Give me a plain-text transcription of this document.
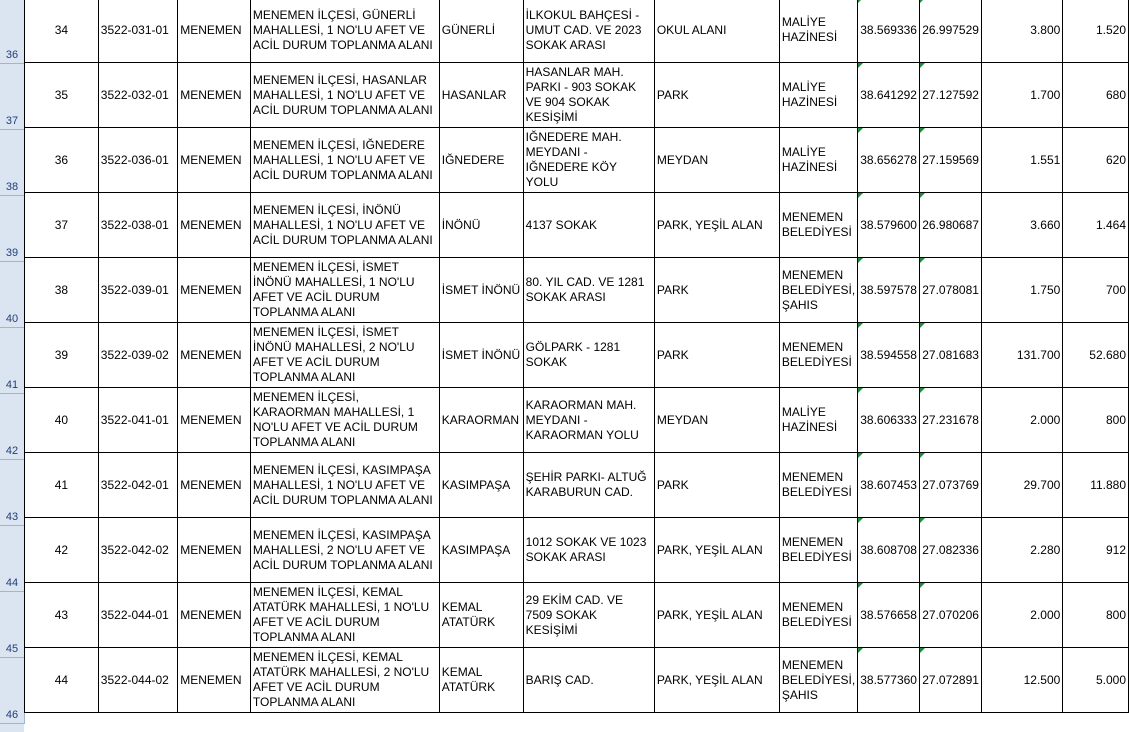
36
37
38
39
40
41
42
43
44
45
46
34	3522-031-01	MENEMEN	MENEMEN İLÇESİ, GÜNERLİ MAHALLESİ, 1 NO'LU AFET VE ACİL DURUM TOPLANMA ALANI	GÜNERLİ	İLKOKUL BAHÇESİ - UMUT CAD. VE 2023 SOKAK ARASI	OKUL ALANI	MALİYE HAZİNESİ	38.569336	26.997529	3.800	1.520
35	3522-032-01	MENEMEN	MENEMEN İLÇESİ, HASANLAR MAHALLESİ, 1 NO'LU AFET VE ACİL DURUM TOPLANMA ALANI	HASANLAR	HASANLAR MAH. PARKI - 903 SOKAK VE 904 SOKAK KESİŞİMİ	PARK	MALİYE HAZİNESİ	38.641292	27.127592	1.700	680
36	3522-036-01	MENEMEN	MENEMEN İLÇESİ, IĞNEDERE MAHALLESİ, 1 NO'LU AFET VE ACİL DURUM TOPLANMA ALANI	IĞNEDERE	IĞNEDERE MAH. MEYDANI - IĞNEDERE KÖY YOLU	MEYDAN	MALİYE HAZİNESİ	38.656278	27.159569	1.551	620
37	3522-038-01	MENEMEN	MENEMEN İLÇESİ, İNÖNÜ MAHALLESİ, 1 NO'LU AFET VE ACİL DURUM TOPLANMA ALANI	İNÖNÜ	4137 SOKAK	PARK, YEŞİL ALAN	MENEMEN BELEDİYESİ	38.579600	26.980687	3.660	1.464
38	3522-039-01	MENEMEN	MENEMEN İLÇESİ, İSMET İNÖNÜ MAHALLESİ, 1 NO'LU AFET VE ACİL DURUM TOPLANMA ALANI	İSMET İNÖNÜ	80. YIL CAD. VE 1281 SOKAK ARASI	PARK	MENEMEN BELEDİYESİ, ŞAHIS	38.597578	27.078081	1.750	700
39	3522-039-02	MENEMEN	MENEMEN İLÇESİ, İSMET İNÖNÜ MAHALLESİ, 2 NO'LU AFET VE ACİL DURUM TOPLANMA ALANI	İSMET İNÖNÜ	GÖLPARK - 1281 SOKAK	PARK	MENEMEN BELEDİYESİ	38.594558	27.081683	131.700	52.680
40	3522-041-01	MENEMEN	MENEMEN İLÇESİ, KARAORMAN MAHALLESİ, 1 NO'LU AFET VE ACİL DURUM TOPLANMA ALANI	KARAORMAN	KARAORMAN MAH. MEYDANI - KARAORMAN YOLU	MEYDAN	MALİYE HAZİNESİ	38.606333	27.231678	2.000	800
41	3522-042-01	MENEMEN	MENEMEN İLÇESİ, KASIMPAŞA MAHALLESİ, 1 NO'LU AFET VE ACİL DURUM TOPLANMA ALANI	KASIMPAŞA	ŞEHİR PARKI- ALTUĞ KARABURUN CAD.	PARK	MENEMEN BELEDİYESİ	38.607453	27.073769	29.700	11.880
42	3522-042-02	MENEMEN	MENEMEN İLÇESİ, KASIMPAŞA MAHALLESİ, 2 NO'LU AFET VE ACİL DURUM TOPLANMA ALANI	KASIMPAŞA	1012 SOKAK VE 1023 SOKAK ARASI	PARK, YEŞİL ALAN	MENEMEN BELEDİYESİ	38.608708	27.082336	2.280	912
43	3522-044-01	MENEMEN	MENEMEN İLÇESİ, KEMAL ATATÜRK MAHALLESİ, 1 NO'LU AFET VE ACİL DURUM TOPLANMA ALANI	KEMAL ATATÜRK	29 EKİM CAD. VE 7509 SOKAK KESİŞİMİ	PARK, YEŞİL ALAN	MENEMEN BELEDİYESİ	38.576658	27.070206	2.000	800
44	3522-044-02	MENEMEN	MENEMEN İLÇESİ, KEMAL ATATÜRK MAHALLESİ, 2 NO'LU AFET VE ACİL DURUM TOPLANMA ALANI	KEMAL ATATÜRK	BARIŞ CAD.	PARK, YEŞİL ALAN	MENEMEN BELEDİYESİ, ŞAHIS	38.577360	27.072891	12.500	5.000
